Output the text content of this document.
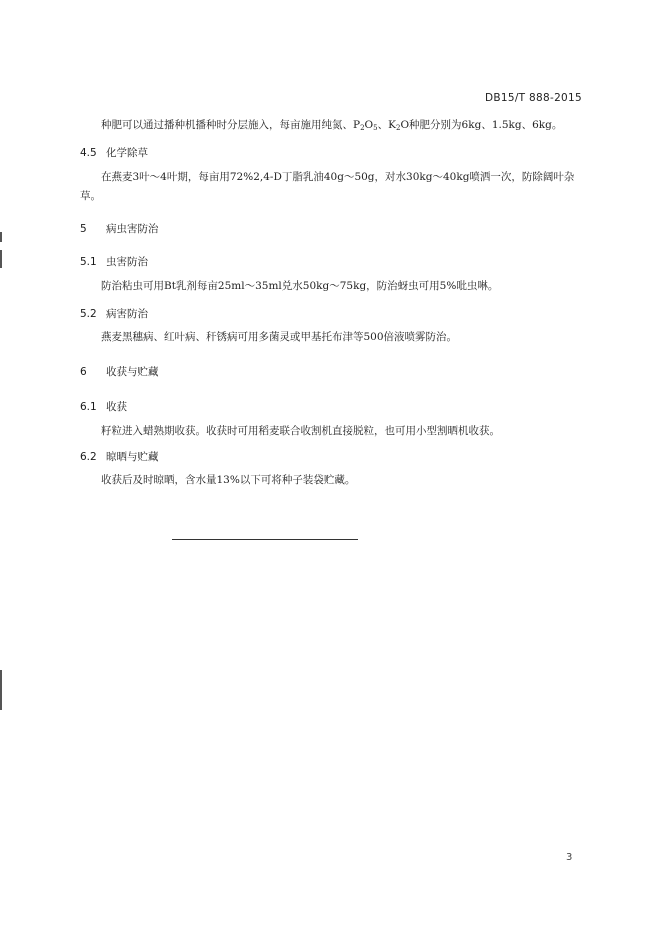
DB15/T 888-2015

种肥可以通过播种机播种时分层施入，每亩施用纯氮、$P_2O_5$、$K_2O$种肥分别为6kg、1.5kg、6kg。

4.5 化学除草

在燕麦3叶～4叶期，每亩用72%2,4-D丁脂乳油40g～50g，对水30kg～40kg喷洒一次，防除阔叶杂草。

5 病虫害防治
5.1 虫害防治

防治粘虫可用Bt乳剂每亩25ml～35ml兑水50kg～75kg，防治蚜虫可用5%吡虫啉。

5.2 病害防治

燕麦黑穗病、红叶病、秆锈病可用多菌灵或甲基托布津等500倍液喷雾防治。

6 收获与贮藏
6.1 收获

籽粒进入蜡熟期收获。收获时可用稻麦联合收割机直接脱粒，也可用小型割晒机收获。

6.2 晾晒与贮藏

收获后及时晾晒，含水量13%以下可将种子装袋贮藏。

3
